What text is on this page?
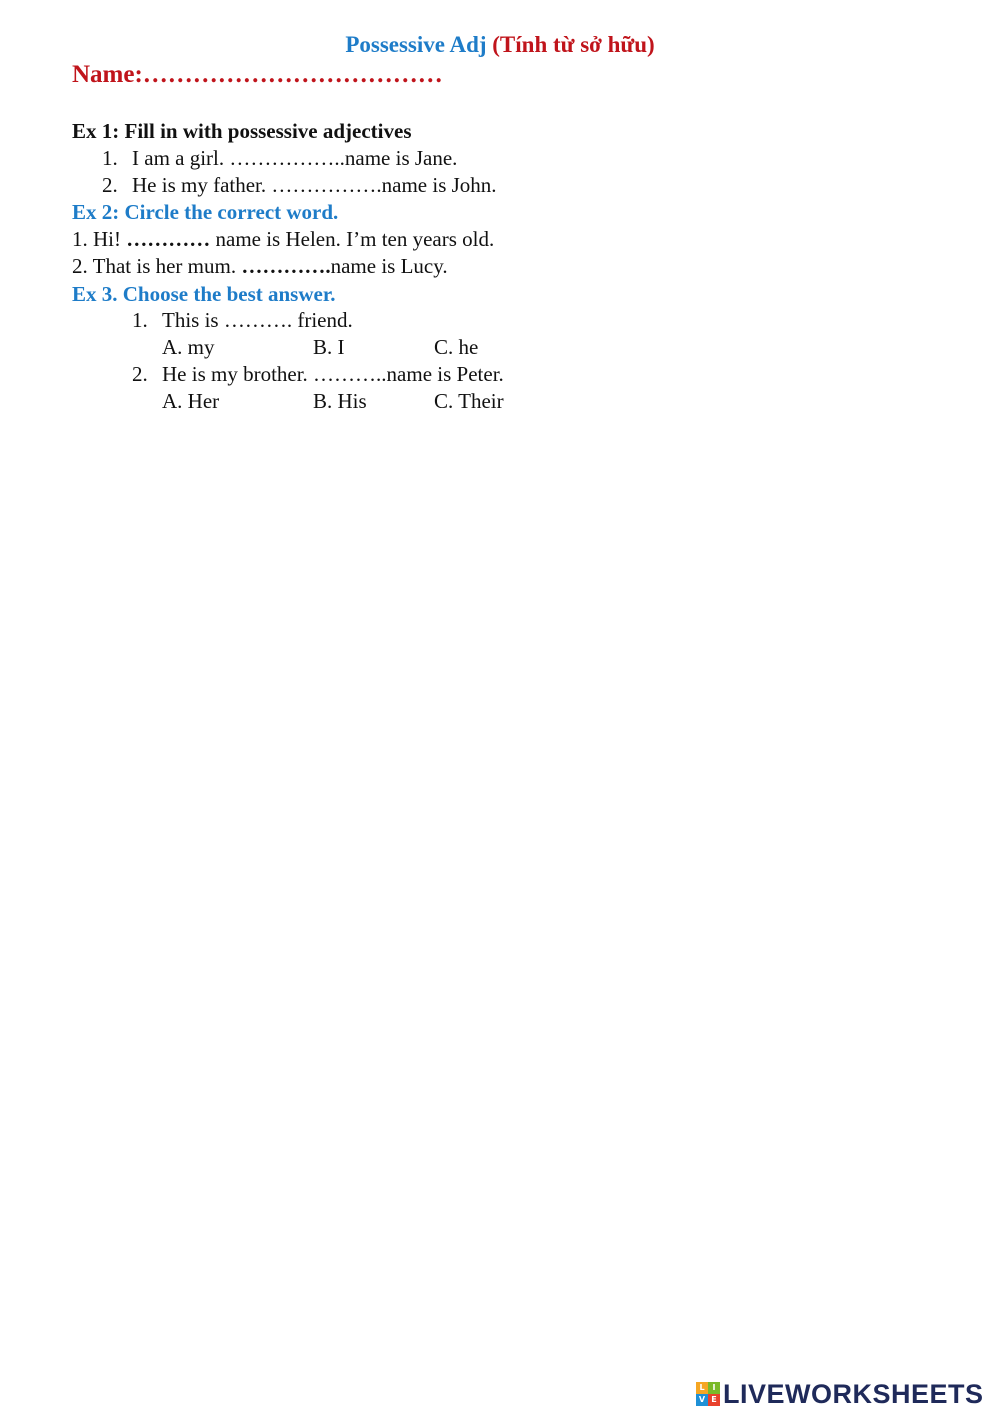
Possessive Adj (Tính từ sở hữu)
Name:………………………………
Ex 1: Fill in with possessive adjectives
1. I am a girl. ……………..name is Jane.
2. He is my father. …………….name is John.
Ex 2: Circle the correct word.
1. Hi! ………… name is Helen. I’m ten years old.
2. That is her mum. ………….name is Lucy.
Ex 3. Choose the best answer.
1. This is ………. friend.
A. my	B. I	C. he
2. He is my brother. ………..name is Peter.
A. Her	B. His	C. Their
L I
V E LIVEWORKSHEETS
